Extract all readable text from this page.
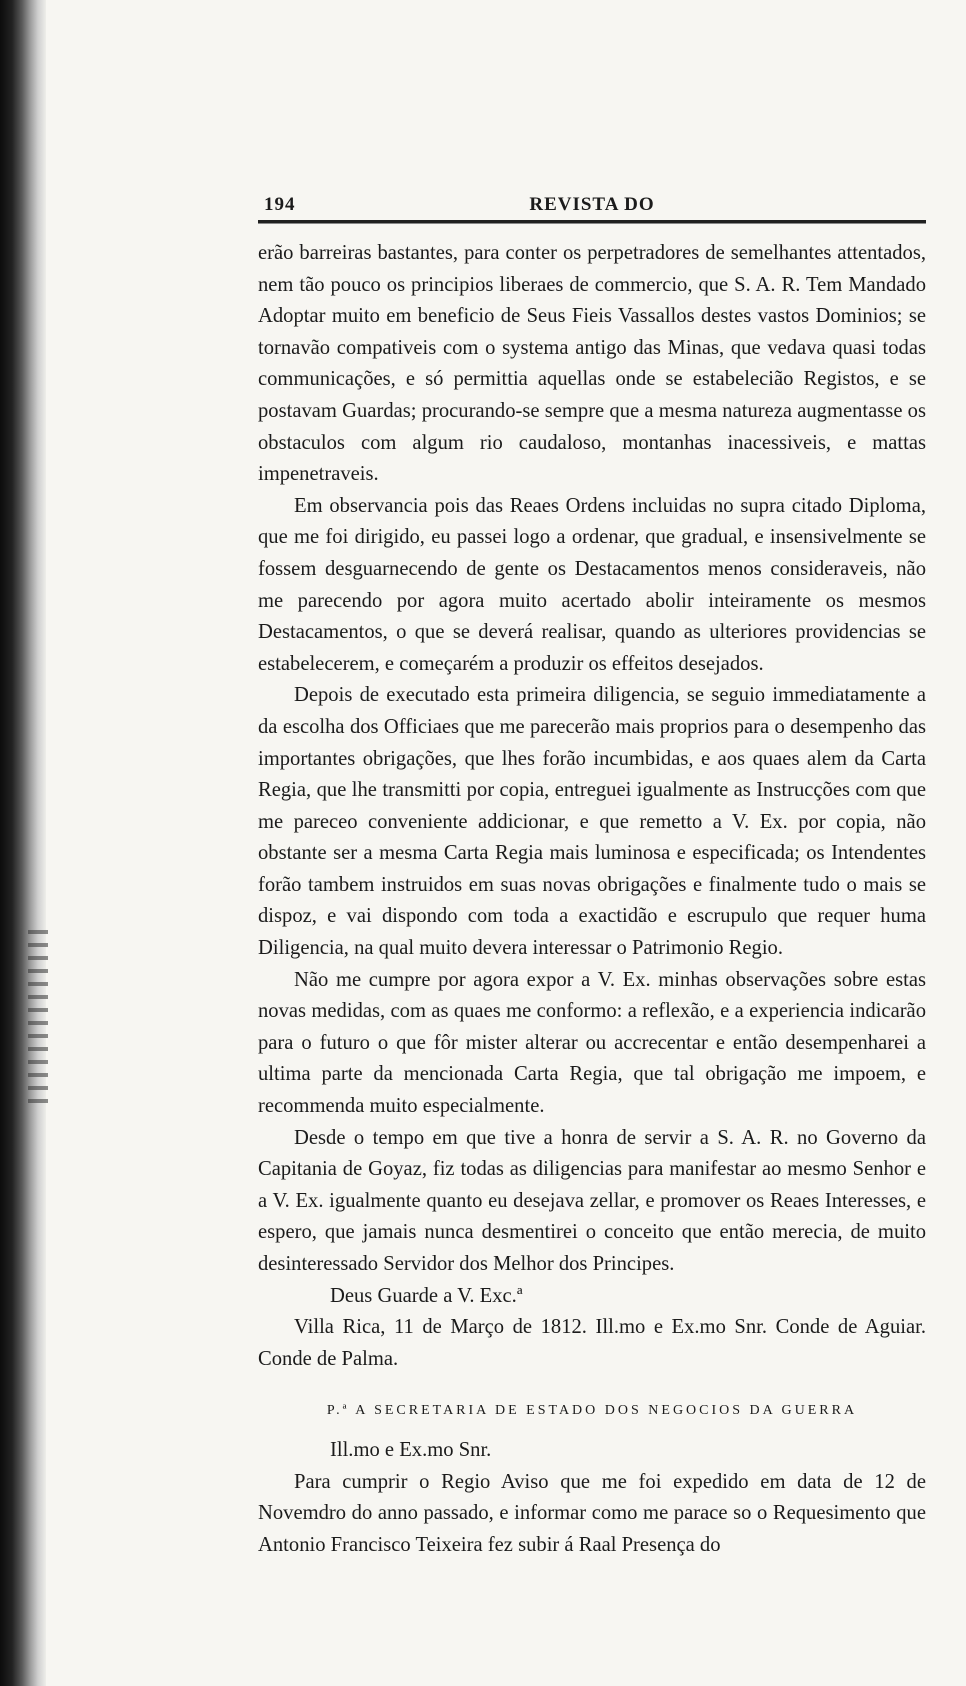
194	REVISTA DO

erão barreiras bastantes, para conter os perpetradores de semelhantes attentados, nem tão pouco os principios liberaes de commercio, que S. A. R. Tem Mandado Adoptar muito em beneficio de Seus Fieis Vassallos destes vastos Dominios; se tornavão compativeis com o systema antigo das Minas, que vedava quasi todas communicações, e só permittia aquellas onde se estabelecião Registos, e se postavam Guardas; procurando-se sempre que a mesma natureza augmentasse os obstaculos com algum rio caudaloso, montanhas inacessiveis, e mattas impenetraveis.

Em observancia pois das Reaes Ordens incluidas no supra citado Diploma, que me foi dirigido, eu passei logo a ordenar, que gradual, e insensivelmente se fossem desguarnecendo de gente os Destacamentos menos consideraveis, não me parecendo por agora muito acertado abolir inteiramente os mesmos Destacamentos, o que se deverá realisar, quando as ulteriores providencias se estabelecerem, e começarém a produzir os effeitos desejados.

Depois de executado esta primeira diligencia, se seguio immediatamente a da escolha dos Officiaes que me parecerão mais proprios para o desempenho das importantes obrigações, que lhes forão incumbidas, e aos quaes alem da Carta Regia, que lhe transmitti por copia, entreguei igualmente as Instrucções com que me pareceo conveniente addicionar, e que remetto a V. Ex. por copia, não obstante ser a mesma Carta Regia mais luminosa e especificada; os Intendentes forão tambem instruidos em suas novas obrigações e finalmente tudo o mais se dispoz, e vai dispondo com toda a exactidão e escrupulo que requer huma Diligencia, na qual muito devera interessar o Patrimonio Regio.

Não me cumpre por agora expor a V. Ex. minhas observações sobre estas novas medidas, com as quaes me conformo: a reflexão, e a experiencia indicarão para o futuro o que fôr mister alterar ou accrecentar e então desempenharei a ultima parte da mencionada Carta Regia, que tal obrigação me impoem, e recommenda muito especialmente.

Desde o tempo em que tive a honra de servir a S. A. R. no Governo da Capitania de Goyaz, fiz todas as diligencias para manifestar ao mesmo Senhor e a V. Ex. igualmente quanto eu desejava zellar, e promover os Reaes Interesses, e espero, que jamais nunca desmentirei o conceito que então merecia, de muito desinteressado Servidor dos Melhor dos Principes.

Deus Guarde a V. Exc.ª

Villa Rica, 11 de Março de 1812. Ill.mo e Ex.mo Snr. Conde de Aguiar. Conde de Palma.

P.ª A SECRETARIA DE ESTADO DOS NEGOCIOS DA GUERRA

Ill.mo e Ex.mo Snr.

Para cumprir o Regio Aviso que me foi expedido em data de 12 de Novemdro do anno passado, e informar como me parace so o Requesimento que Antonio Francisco Teixeira fez subir á Raal Presença do
